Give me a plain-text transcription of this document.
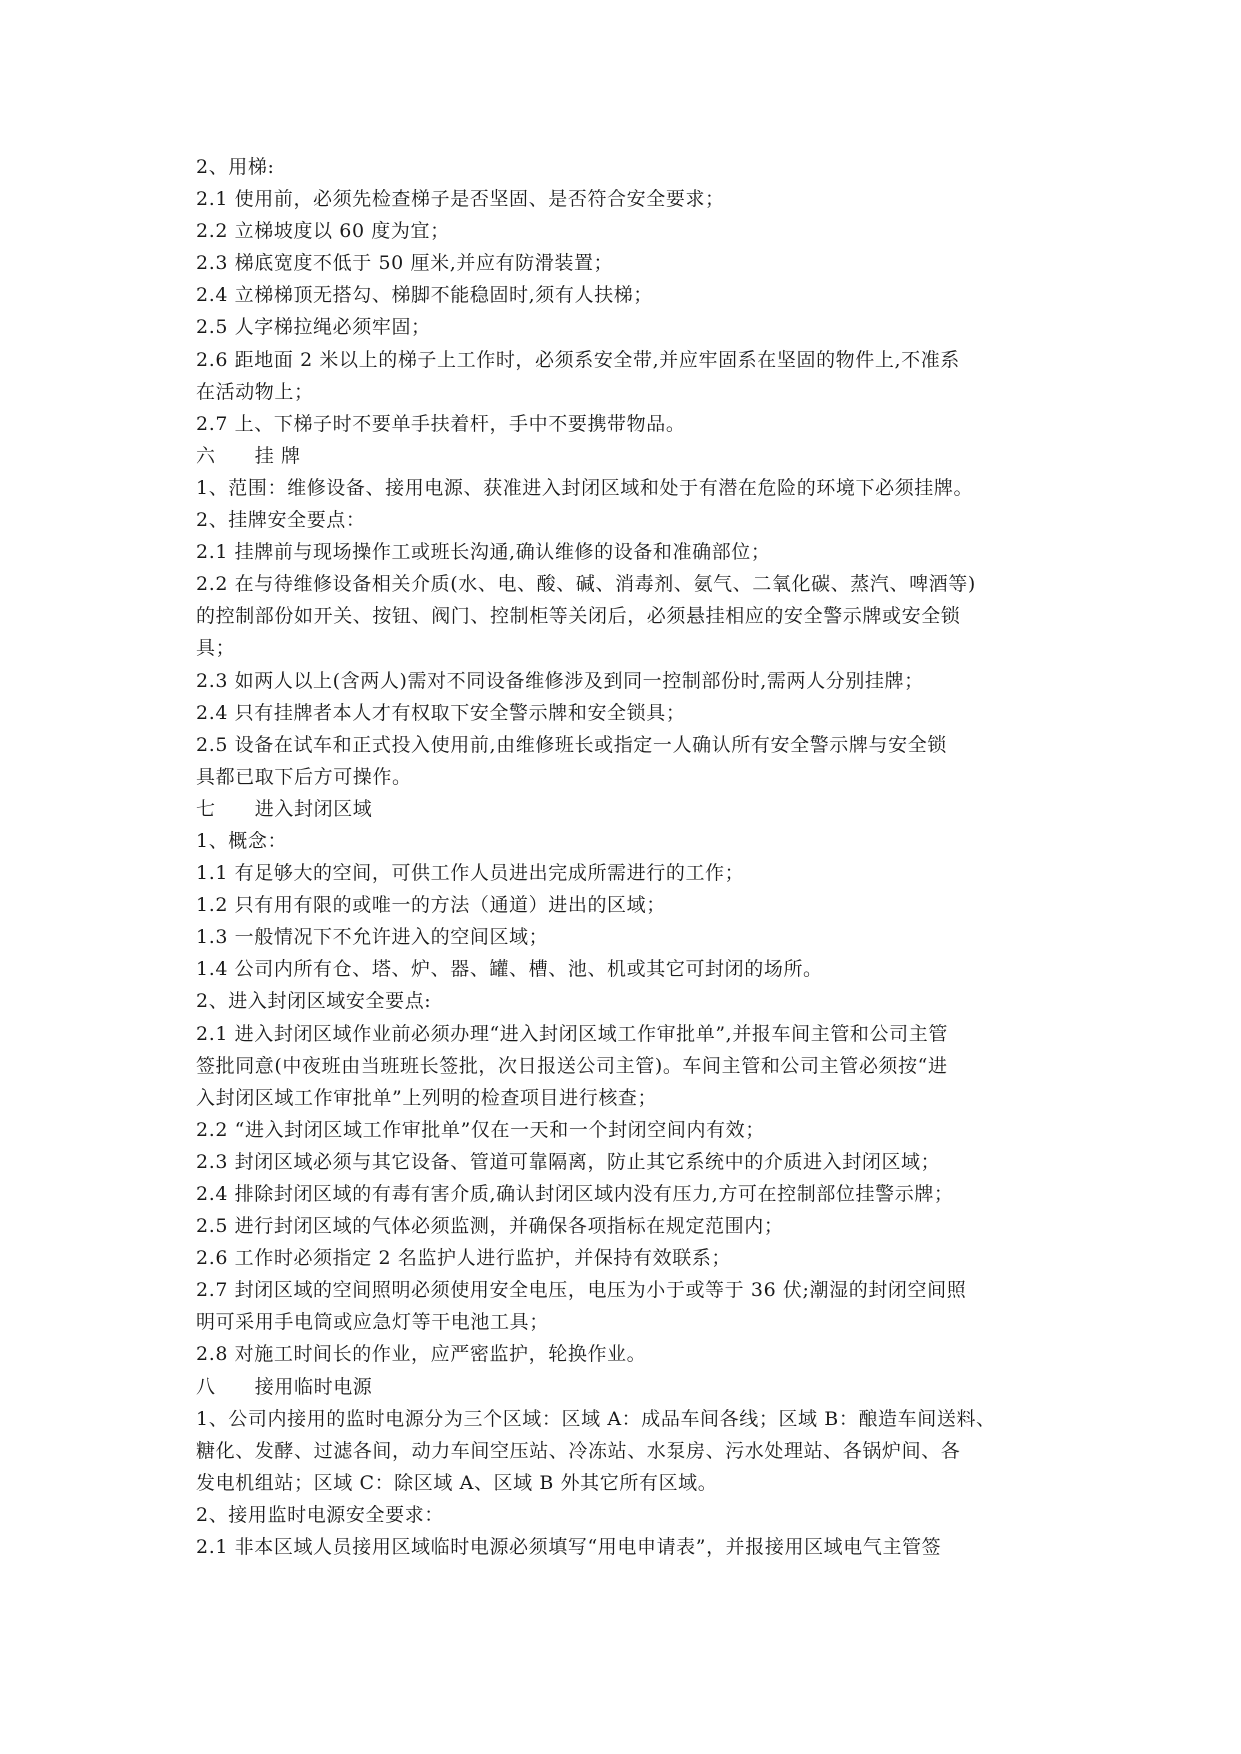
2、用梯:

2.1 使用前，必须先检查梯子是否坚固、是否符合安全要求；

2.2 立梯坡度以 60 度为宜；

2.3 梯底宽度不低于 50 厘米,并应有防滑装置；

2.4 立梯梯顶无搭勾、梯脚不能稳固时,须有人扶梯；

2.5 人字梯拉绳必须牢固；

2.6 距地面 2 米以上的梯子上工作时，必须系安全带,并应牢固系在坚固的物件上,不准系

在活动物上；

2.7 上、下梯子时不要单手扶着杆，手中不要携带物品。

六　　挂 牌

1、范围：维修设备、接用电源、获准进入封闭区域和处于有潜在危险的环境下必须挂牌。

2、挂牌安全要点：

2.1 挂牌前与现场操作工或班长沟通,确认维修的设备和准确部位；

2.2 在与待维修设备相关介质(水、电、酸、碱、消毒剂、氨气、二氧化碳、蒸汽、啤酒等)

的控制部份如开关、按钮、阀门、控制柜等关闭后，必须悬挂相应的安全警示牌或安全锁

具；

2.3 如两人以上(含两人)需对不同设备维修涉及到同一控制部份时,需两人分别挂牌；

2.4 只有挂牌者本人才有权取下安全警示牌和安全锁具；

2.5 设备在试车和正式投入使用前,由维修班长或指定一人确认所有安全警示牌与安全锁

具都已取下后方可操作。

七　　进入封闭区域

1、概念：

1.1 有足够大的空间，可供工作人员进出完成所需进行的工作；

1.2 只有用有限的或唯一的方法（通道）进出的区域；

1.3 一般情况下不允许进入的空间区域；

1.4 公司内所有仓、塔、炉、器、罐、槽、池、机或其它可封闭的场所。

2、进入封闭区域安全要点:

2.1 进入封闭区域作业前必须办理“进入封闭区域工作审批单”,并报车间主管和公司主管

签批同意(中夜班由当班班长签批，次日报送公司主管)。车间主管和公司主管必须按“进

入封闭区域工作审批单”上列明的检查项目进行核查；

2.2 “进入封闭区域工作审批单”仅在一天和一个封闭空间内有效；

2.3 封闭区域必须与其它设备、管道可靠隔离，防止其它系统中的介质进入封闭区域；

2.4 排除封闭区域的有毒有害介质,确认封闭区域内没有压力,方可在控制部位挂警示牌；

2.5 进行封闭区域的气体必须监测，并确保各项指标在规定范围内；

2.6 工作时必须指定 2 名监护人进行监护，并保持有效联系；

2.7 封闭区域的空间照明必须使用安全电压，电压为小于或等于 36 伏;潮湿的封闭空间照

明可采用手电筒或应急灯等干电池工具；

2.8 对施工时间长的作业，应严密监护，轮换作业。

八　　接用临时电源

1、公司内接用的监时电源分为三个区域：区域 A：成品车间各线；区域 B：酿造车间送料、

糖化、发酵、过滤各间，动力车间空压站、冷冻站、水泵房、污水处理站、各锅炉间、各

发电机组站；区域 C：除区域 A、区域 B 外其它所有区域。

2、接用监时电源安全要求：

2.1 非本区域人员接用区域临时电源必须填写“用电申请表”，并报接用区域电气主管签
